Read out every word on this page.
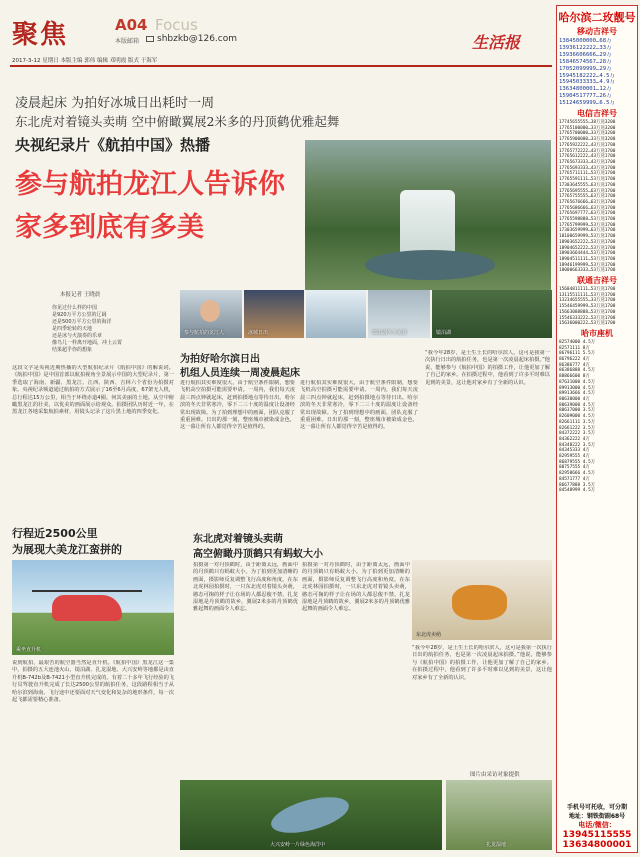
聚焦	A04 Focus
本版邮箱 shbzkb@126.com
2017-3-12 星期日 本版主编 郭伟 编辑 邓明霞 版式 于海军
生活报
凌晨起床 为拍好冰城日出耗时一周
东北虎对着镜头卖萌 空中俯瞰翼展2米多的丹顶鹤优雅起舞
央视纪录片《航拍中国》热播
参与航拍龙江人告诉你
家多到底有多美
本报记者 王晓晨
你见过什么样的中国
是920万平方公里的辽阔
还是500万平方公里的海洋
是四季轮转的天地
还是冰与火演奏的乐章
像鸟儿一样离开地面，冲上云霄
结果超乎你的想象
这段文字是央视近期热播的大型航拍纪录片《航拍中国》的解说词。《航拍中国》是中国首部以航拍视角全景展示中国的大型纪录片，第一季选取了海南、新疆、黑龙江、江西、陕西、吉林六个省份为拍摄对象。央视纪录频道通过航拍的方式展示了16至6月高度，67架无人机，总行程达15万公里，相当于环绕赤道4圈。何其美丽的土地。从空中俯瞰黑龙江的壮美，以优美的画面展示给观众。拍摄团队历时近一年，在黑龙江各地采集航拍素材，用镜头记录了这片黑土地的四季变化。
参与航拍的龙江人	冰城日出	镜泊湖冬天美景	镜泊湖
为拍好哈尔滨日出
机组人员连续一周凌晨起床
进行航拍其实难度很大，由于航空条件限制，想要飞机高空拍摄可能需要申请。一周内，我们每天凌晨三四点钟就起床，赶到拍摄地点等待日出。哈尔滨的冬天非常寒冷，零下二三十度的温度让设备经常出现故障。为了拍到理想中的画面，团队克服了重重困难。日出的那一刻，整座城市被染成金色，这一幕让所有人都觉得辛苦是值得的。
进行航拍其实难度很大，由于航空条件限制，想要飞机高空拍摄可能需要申请。一周内，我们每天凌晨三四点钟就起床，赶到拍摄地点等待日出。哈尔滨的冬天非常寒冷，零下二三十度的温度让设备经常出现故障。为了拍到理想中的画面，团队克服了重重困难。日出的那一刻，整座城市被染成金色，这一幕让所有人都觉得辛苦是值得的。
“我今年28岁，是土生土长的哈尔滨人，这可是我第一次执行日出的航拍任务，也是第一次凌晨起床拍摄。”他说，能够参与《航拍中国》的拍摄工作，让他更加了解了自己的家乡。在拍摄过程中，他看到了许多平时难以见到的美景，这让他对家乡有了全新的认识。
行程近2500公里
为展现大美龙江蛮拼的
乘坐直升机
说到航拍，最艰苦的航空器当然是直升机。《航拍中国》黑龙江这一集中，拍摄的五大连池火山、镜泊湖、扎龙湿地、大兴安岭等地都是由直升机B-742b及B-7421小型直升机完成的。有着二十多年飞行经验的飞行员驾驶直升机完成了长达2500公里的航拍任务，这段路程相当于从哈尔滨到海南。飞行途中还要面对天气变化和复杂的地形条件，每一次起飞都需要精心准备。
东北虎对着镜头卖萌
高空俯瞰丹顶鹤只有蚂蚁大小
拍摄第一对丹顶鹤时，由于距离太远，画面中的丹顶鹤只有蚂蚁大小。为了拍到更加清晰的画面，摄影师反复调整飞行高度和角度。在东北虎林园拍摄时，一只东北虎对着镜头卖萌，憨态可掬的样子让在场的人都忍俊不禁。扎龙湿地是丹顶鹤的故乡，翼展2米多的丹顶鹤优雅起舞的画面令人难忘。
拍摄第一对丹顶鹤时，由于距离太远，画面中的丹顶鹤只有蚂蚁大小。为了拍到更加清晰的画面，摄影师反复调整飞行高度和角度。在东北虎林园拍摄时，一只东北虎对着镜头卖萌，憨态可掬的样子让在场的人都忍俊不禁。扎龙湿地是丹顶鹤的故乡，翼展2米多的丹顶鹤优雅起舞的画面令人难忘。
东北虎卖萌
“我今年28岁，是土生土长的哈尔滨人，这可是我第一次执行日出的航拍任务，也是第一次凌晨起床拍摄。”他说，能够参与《航拍中国》的拍摄工作，让他更加了解了自己的家乡。在拍摄过程中，他看到了许多平时难以见到的美景，这让他对家乡有了全新的认识。
图片由采访对象提供
大兴安岭一片绿色海洋中	扎龙湿地
哈尔滨二玫靓号
移动吉祥号
13845000000…68万
13936122222…33万
13936606666…29万
15846574567…28万
17052099999…29万
15945182222…4.5万
15945033333…4.9万
13634800001…12万
15904517777…26万
15124659999…6.5万
电信吉祥号
17745655555…38万送3200
17765100000…33万送3200
17765700000…33万送3200
17765900000…33万送3200
17765922222…43万送1700
17765772222…43万送1700
17765612222…43万送1700
17765673333…43万送1700
17765693333…43万送1700
17765711111…53万送1700
17765591111…53万送1700
17303645555…63万送1700
17765695555…63万送1700
17765755555…63万送1700
17765676666…63万送1700
17765686666…63万送1700
17765697777…63万送1700
17765598888…53万送1700
17765799999…53万送1700
17303659999…63万送1700
18100659999…53万送1700
18903652222…53万送1700
18904652222…53万送1700
18903664444…53万送1700
18904511111…53万送1700
18946199999…53万送1700
18000663333…53万送1700
联通吉祥号
15604811111…53万送1700
13115511111…53万送1700
13234655555…33万送1700
15546459999…53万送1700
15663088888…53万送1700
15546333222…53万送1700
15636000222…53万送1700
哈市座机
82574000 4.5万
82571111 8万
86796111 5.5万
86796222 4万
86386777 4万
86386888 4.5万
88866600 8万
87631000 4.5万
89913000 4.5万
89913666 4.5万
80630000 4万
80639000 4.5万
80637000 3.5万
82609000 4.5万
82661111 3.5万
82661222 3.5万
84372222 3.5万
84362222 4万
84348222 3.5万
84345333 4万
82959555 4万
86879555 4.5万
88757555 4万
82958666 4.5万
84571777 4万
86677888 3.5万
84548999 4.5万
手机号可托收，可分期
地址：钢铁街副68号
电话/微信：
13945115555
13634800001
